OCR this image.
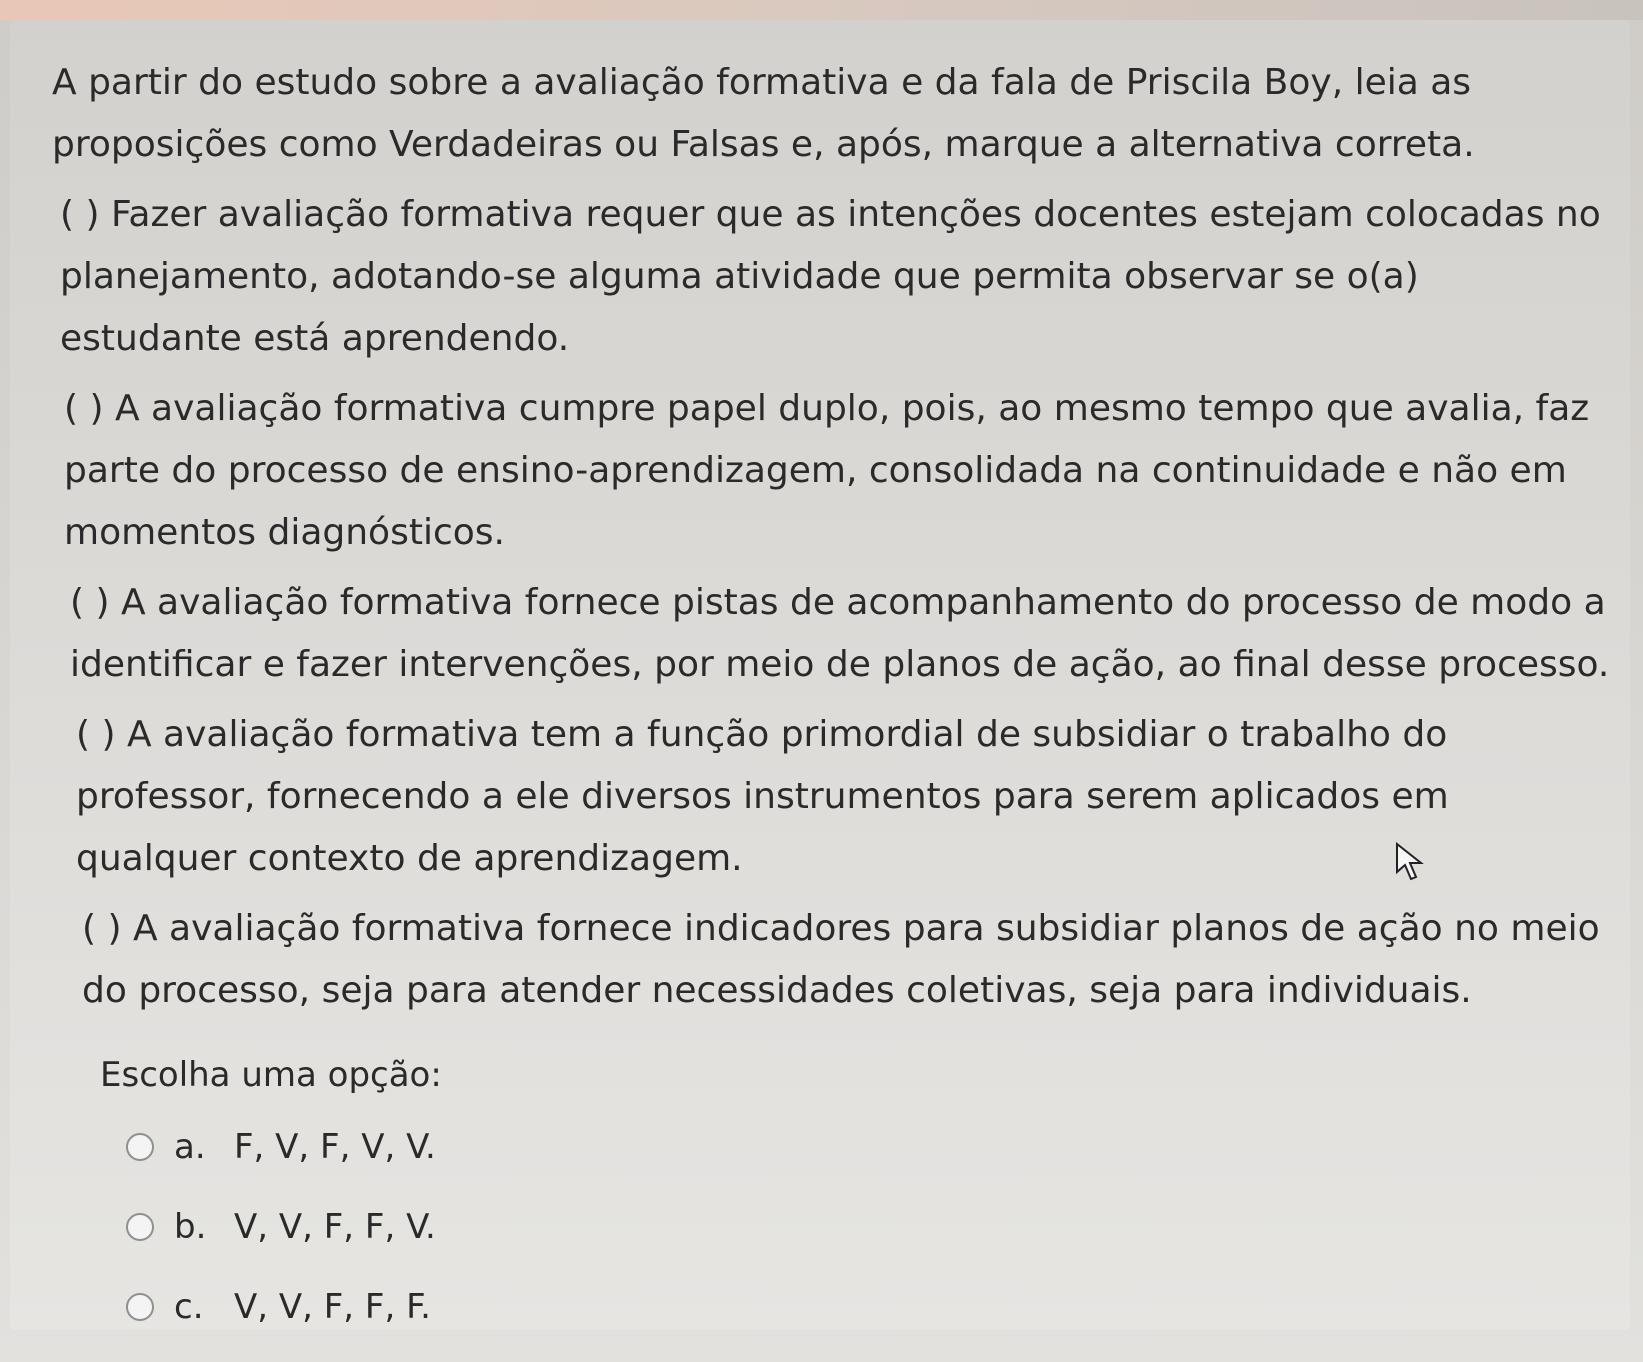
A partir do estudo sobre a avaliação formativa e da fala de Priscila Boy, leia as proposições como Verdadeiras ou Falsas e, após, marque a alternativa correta.

( ) Fazer avaliação formativa requer que as intenções docentes estejam colocadas no planejamento, adotando-se alguma atividade que permita observar se o(a) estudante está aprendendo.

( ) A avaliação formativa cumpre papel duplo, pois, ao mesmo tempo que avalia, faz parte do processo de ensino-aprendizagem, consolidada na continuidade e não em momentos diagnósticos.

( ) A avaliação formativa fornece pistas de acompanhamento do processo de modo a identificar e fazer intervenções, por meio de planos de ação, ao final desse processo.

( ) A avaliação formativa tem a função primordial de subsidiar o trabalho do professor, fornecendo a ele diversos instrumentos para serem aplicados em qualquer contexto de aprendizagem.

( ) A avaliação formativa fornece indicadores para subsidiar planos de ação no meio do processo, seja para atender necessidades coletivas, seja para individuais.

Escolha uma opção:
a. F, V, F, V, V.
b. V, V, F, F, V.
c. V, V, F, F, F.
